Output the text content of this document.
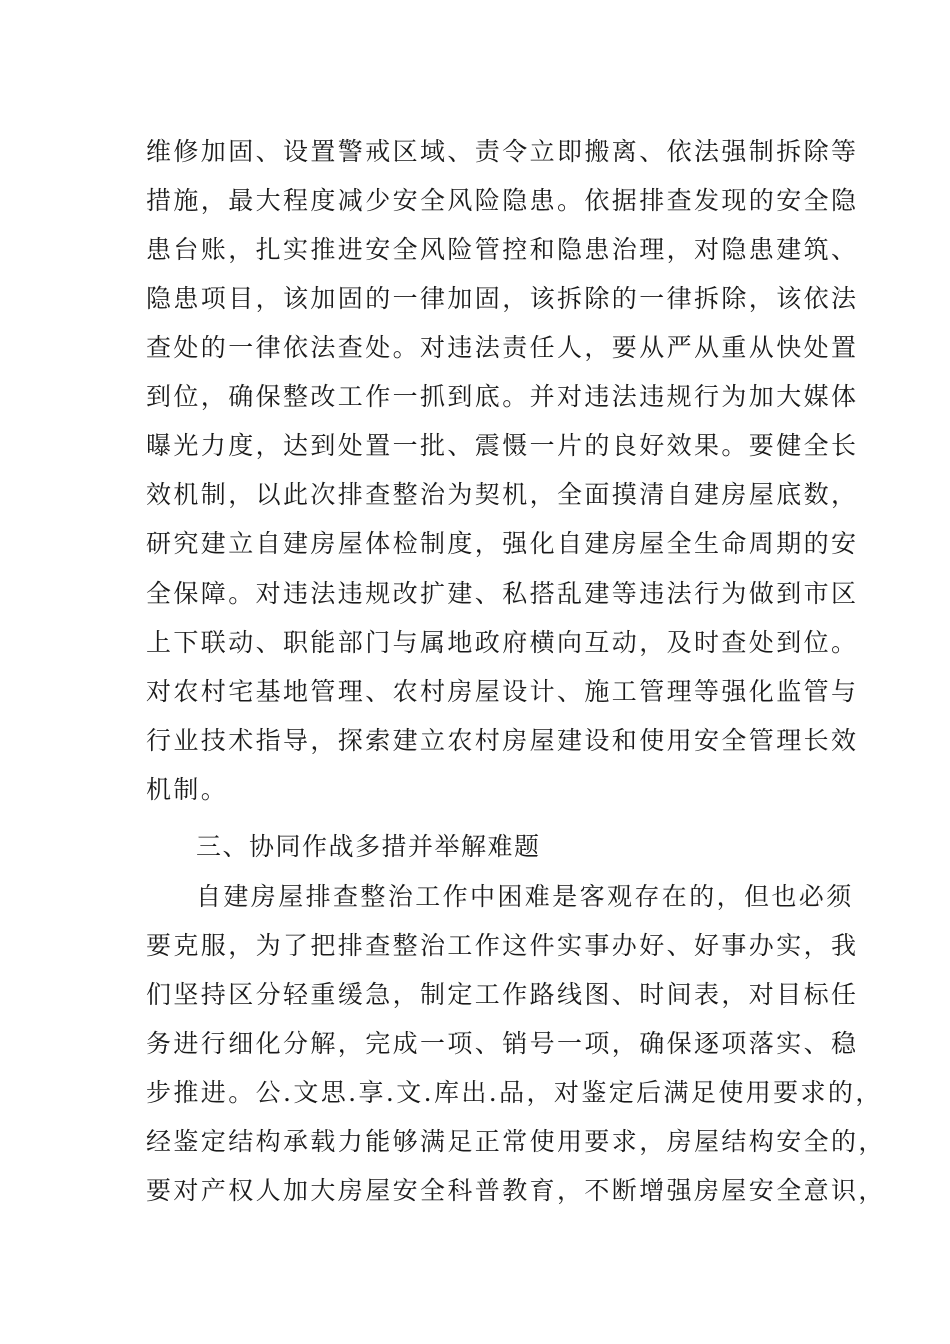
维修加固、设置警戒区域、责令立即搬离、依法强制拆除等
措施，最大程度减少安全风险隐患。依据排查发现的安全隐
患台账，扎实推进安全风险管控和隐患治理，对隐患建筑、
隐患项目，该加固的一律加固，该拆除的一律拆除，该依法
查处的一律依法查处。对违法责任人，要从严从重从快处置
到位，确保整改工作一抓到底。并对违法违规行为加大媒体
曝光力度，达到处置一批、震慑一片的良好效果。要健全长
效机制，以此次排查整治为契机，全面摸清自建房屋底数，
研究建立自建房屋体检制度，强化自建房屋全生命周期的安
全保障。对违法违规改扩建、私搭乱建等违法行为做到市区
上下联动、职能部门与属地政府横向互动，及时查处到位。
对农村宅基地管理、农村房屋设计、施工管理等强化监管与
行业技术指导，探索建立农村房屋建设和使用安全管理长效
机制。
三、协同作战多措并举解难题
自建房屋排查整治工作中困难是客观存在的，但也必须
要克服，为了把排查整治工作这件实事办好、好事办实，我
们坚持区分轻重缓急，制定工作路线图、时间表，对目标任
务进行细化分解，完成一项、销号一项，确保逐项落实、稳
步推进。公.文思.享.文.库出.品，对鉴定后满足使用要求的，
经鉴定结构承载力能够满足正常使用要求，房屋结构安全的，
要对产权人加大房屋安全科普教育，不断增强房屋安全意识，
